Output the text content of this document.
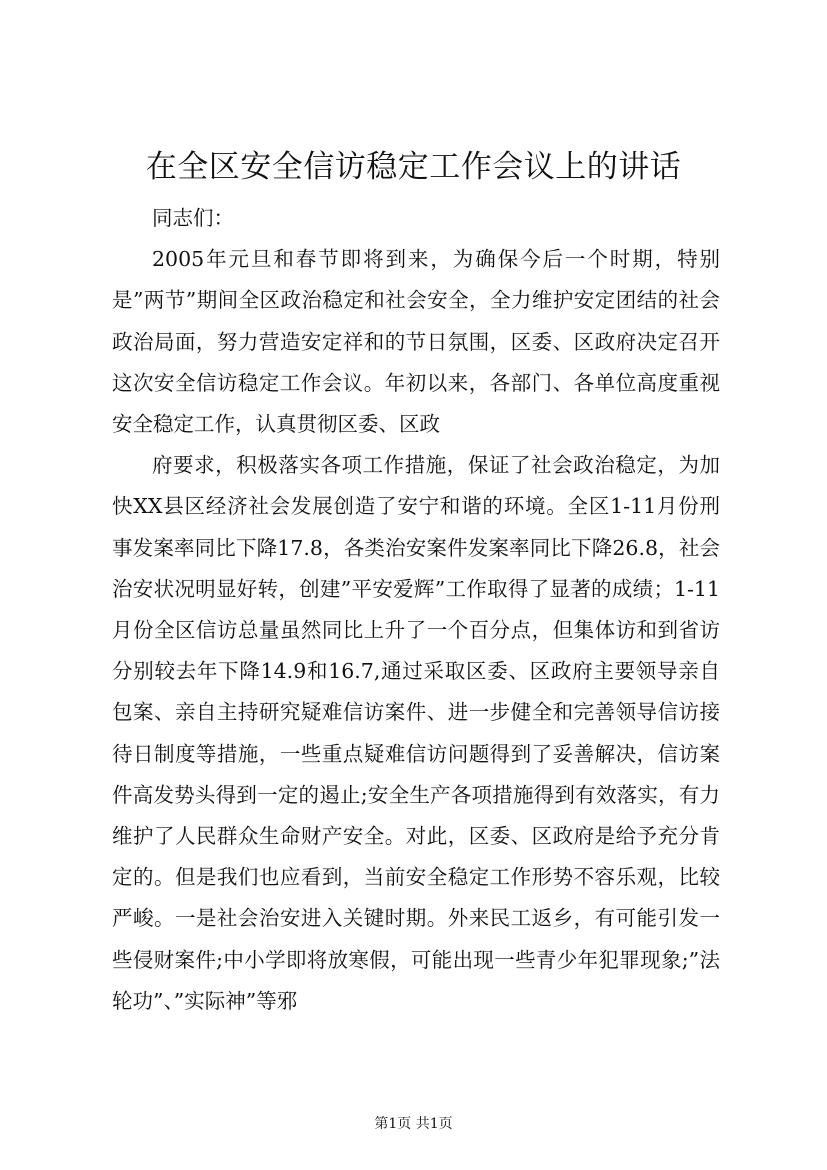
在全区安全信访稳定工作会议上的讲话

同志们：

2005年元旦和春节即将到来，为确保今后一个时期，特别是”两节”期间全区政治稳定和社会安全，全力维护安定团结的社会政治局面，努力营造安定祥和的节日氛围，区委、区政府决定召开这次安全信访稳定工作会议。年初以来，各部门、各单位高度重视安全稳定工作，认真贯彻区委、区政

府要求，积极落实各项工作措施，保证了社会政治稳定，为加快XX县区经济社会发展创造了安宁和谐的环境。全区1-11月份刑事发案率同比下降17.8，各类治安案件发案率同比下降26.8，社会治安状况明显好转，创建”平安爱辉”工作取得了显著的成绩；1-11月份全区信访总量虽然同比上升了一个百分点，但集体访和到省访分别较去年下降14.9和16.7,通过采取区委、区政府主要领导亲自包案、亲自主持研究疑难信访案件、进一步健全和完善领导信访接待日制度等措施，一些重点疑难信访问题得到了妥善解决，信访案件高发势头得到一定的遏止;安全生产各项措施得到有效落实，有力维护了人民群众生命财产安全。对此，区委、区政府是给予充分肯定的。但是我们也应看到，当前安全稳定工作形势不容乐观，比较严峻。一是社会治安进入关键时期。外来民工返乡，有可能引发一些侵财案件;中小学即将放寒假，可能出现一些青少年犯罪现象;”法轮功”、”实际神”等邪

第1页 共1页
